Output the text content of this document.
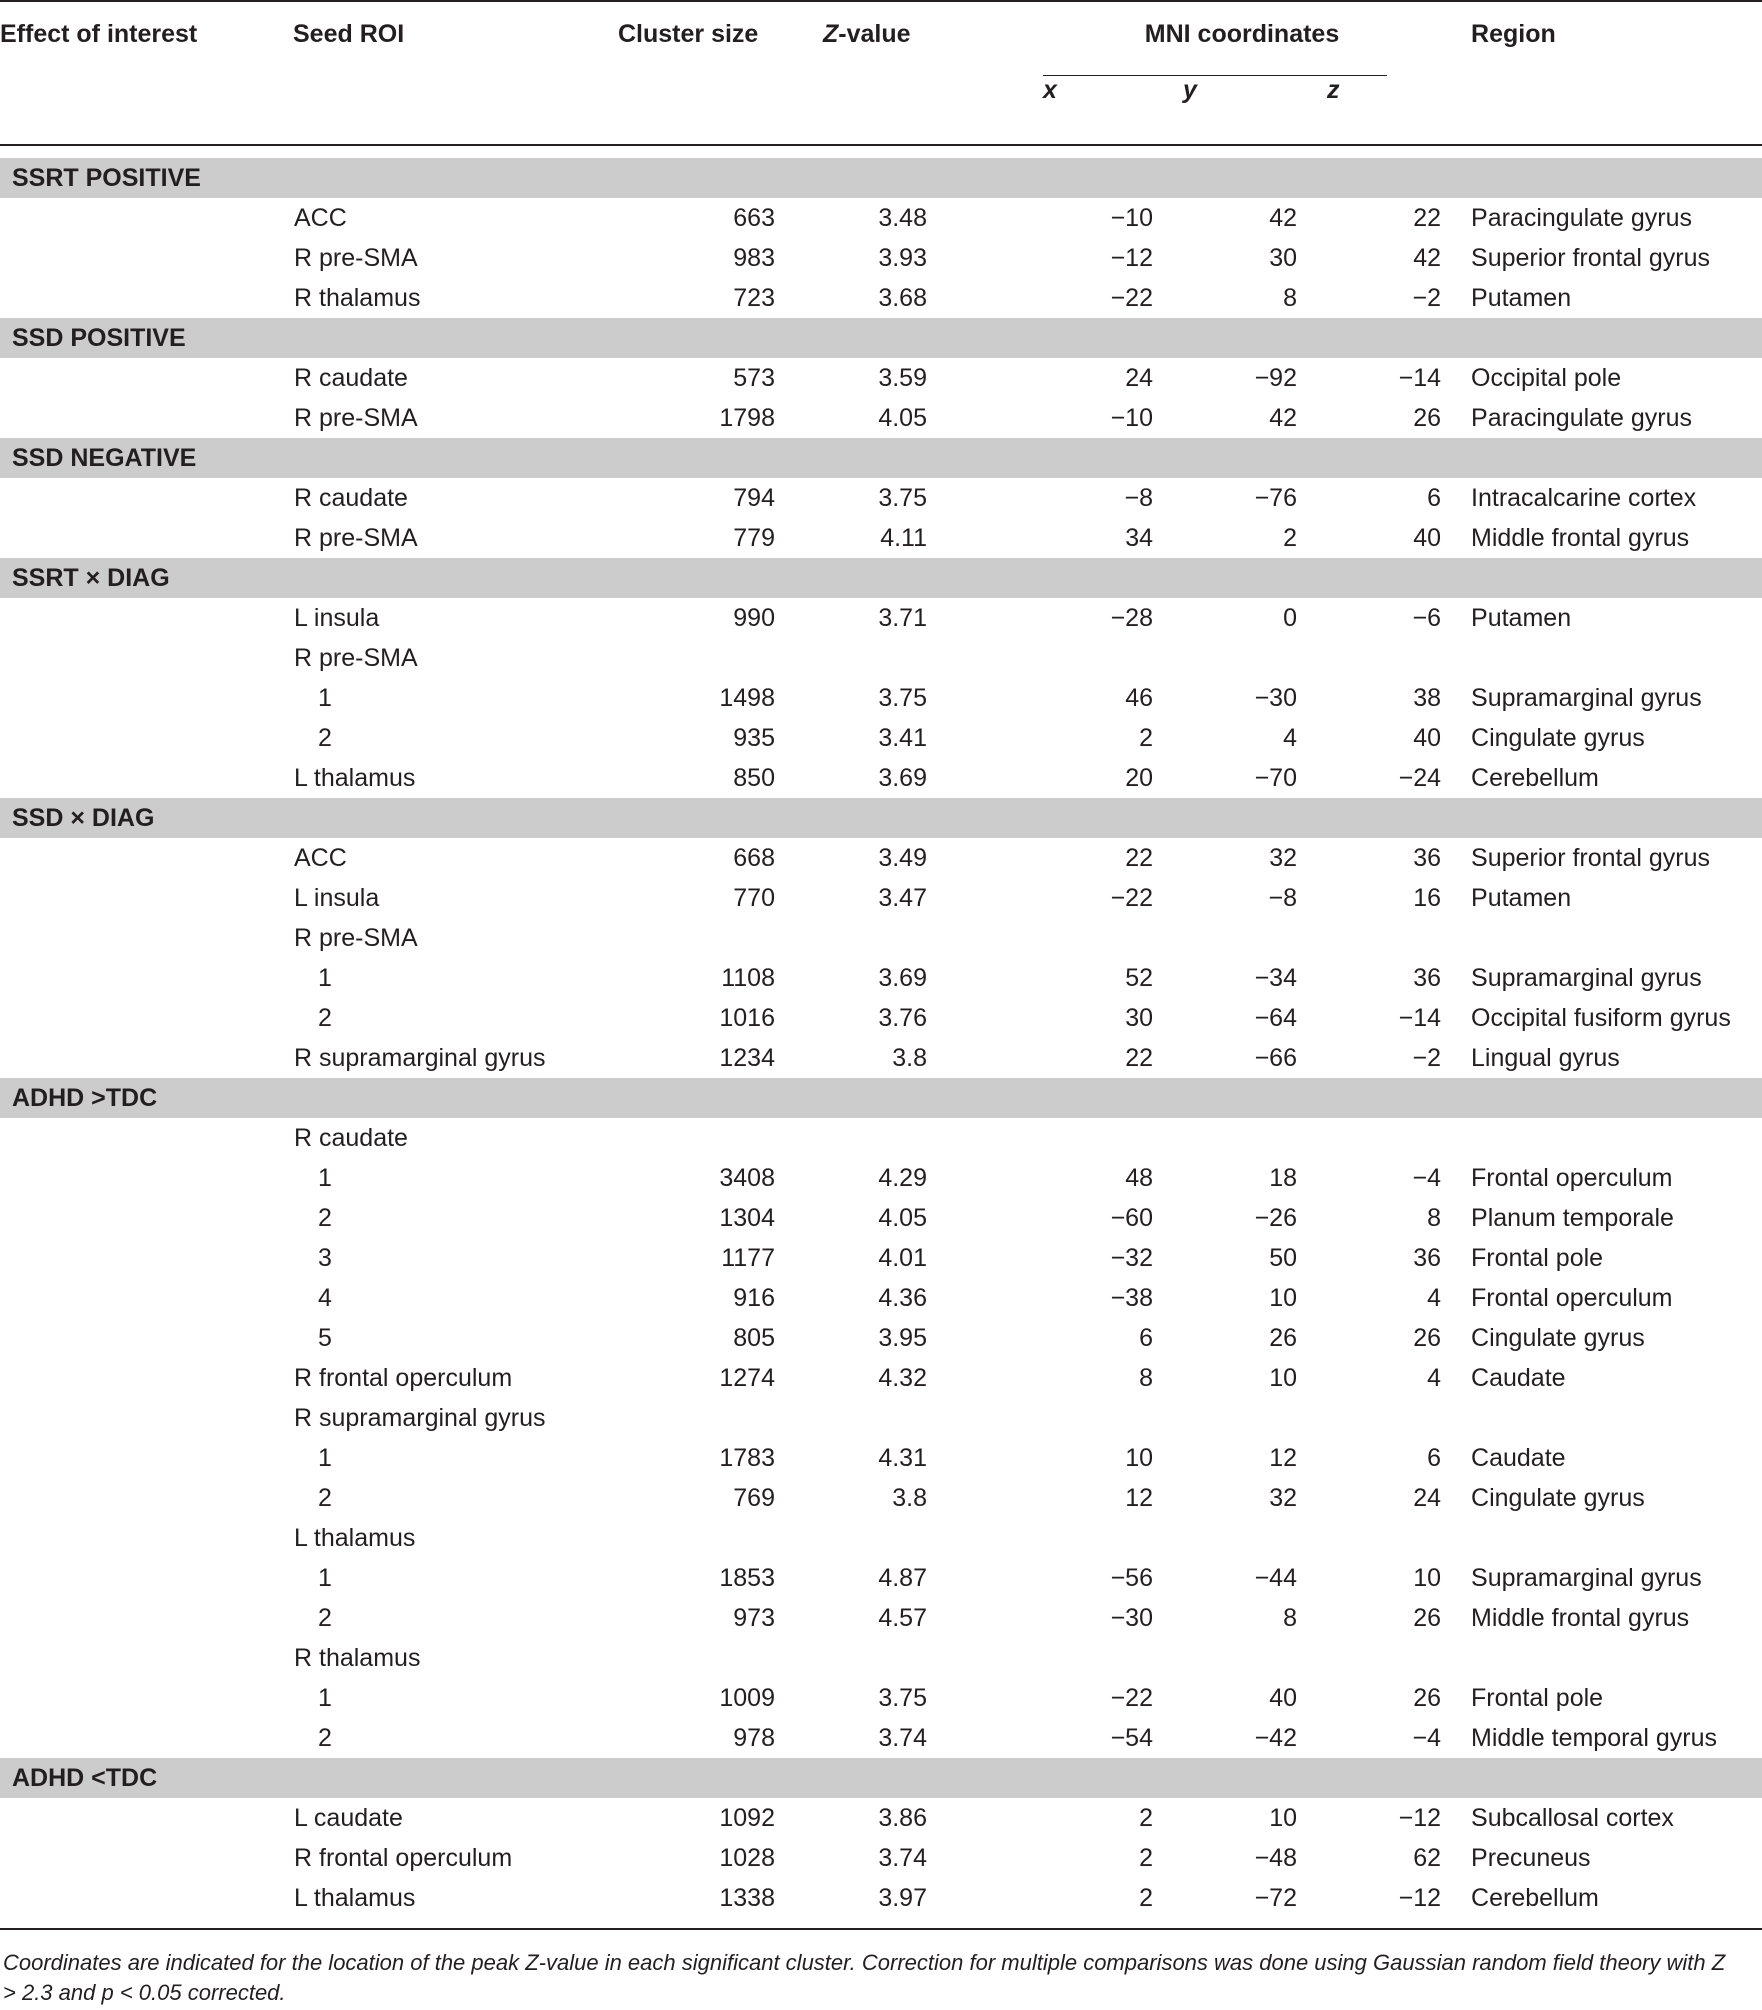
Effect of interest	Seed ROI	Cluster size	Z-value	MNI coordinates			Region
				x	y	z	

SSRT POSITIVE							
	ACC	663	3.48	−10	42	22	Paracingulate gyrus
	R pre-SMA	983	3.93	−12	30	42	Superior frontal gyrus
	R thalamus	723	3.68	−22	8	−2	Putamen
SSD POSITIVE							
	R caudate	573	3.59	24	−92	−14	Occipital pole
	R pre-SMA	1798	4.05	−10	42	26	Paracingulate gyrus
SSD NEGATIVE							
	R caudate	794	3.75	−8	−76	6	Intracalcarine cortex
	R pre-SMA	779	4.11	34	2	40	Middle frontal gyrus
SSRT × DIAG							
	L insula	990	3.71	−28	0	−6	Putamen
	R pre-SMA						
	1	1498	3.75	46	−30	38	Supramarginal gyrus
	2	935	3.41	2	4	40	Cingulate gyrus
	L thalamus	850	3.69	20	−70	−24	Cerebellum
SSD × DIAG							
	ACC	668	3.49	22	32	36	Superior frontal gyrus
	L insula	770	3.47	−22	−8	16	Putamen
	R pre-SMA						
	1	1108	3.69	52	−34	36	Supramarginal gyrus
	2	1016	3.76	30	−64	−14	Occipital fusiform gyrus
	R supramarginal gyrus	1234	3.8	22	−66	−2	Lingual gyrus
ADHD >TDC							
	R caudate						
	1	3408	4.29	48	18	−4	Frontal operculum
	2	1304	4.05	−60	−26	8	Planum temporale
	3	1177	4.01	−32	50	36	Frontal pole
	4	916	4.36	−38	10	4	Frontal operculum
	5	805	3.95	6	26	26	Cingulate gyrus
	R frontal operculum	1274	4.32	8	10	4	Caudate
	R supramarginal gyrus						
	1	1783	4.31	10	12	6	Caudate
	2	769	3.8	12	32	24	Cingulate gyrus
	L thalamus						
	1	1853	4.87	−56	−44	10	Supramarginal gyrus
	2	973	4.57	−30	8	26	Middle frontal gyrus
	R thalamus						
	1	1009	3.75	−22	40	26	Frontal pole
	2	978	3.74	−54	−42	−4	Middle temporal gyrus
ADHD <TDC							
	L caudate	1092	3.86	2	10	−12	Subcallosal cortex
	R frontal operculum	1028	3.74	2	−48	62	Precuneus
	L thalamus	1338	3.97	2	−72	−12	Cerebellum
Coordinates are indicated for the location of the peak Z-value in each significant cluster. Correction for multiple comparisons was done using Gaussian random field theory with Z > 2.3 and p < 0.05 corrected.
